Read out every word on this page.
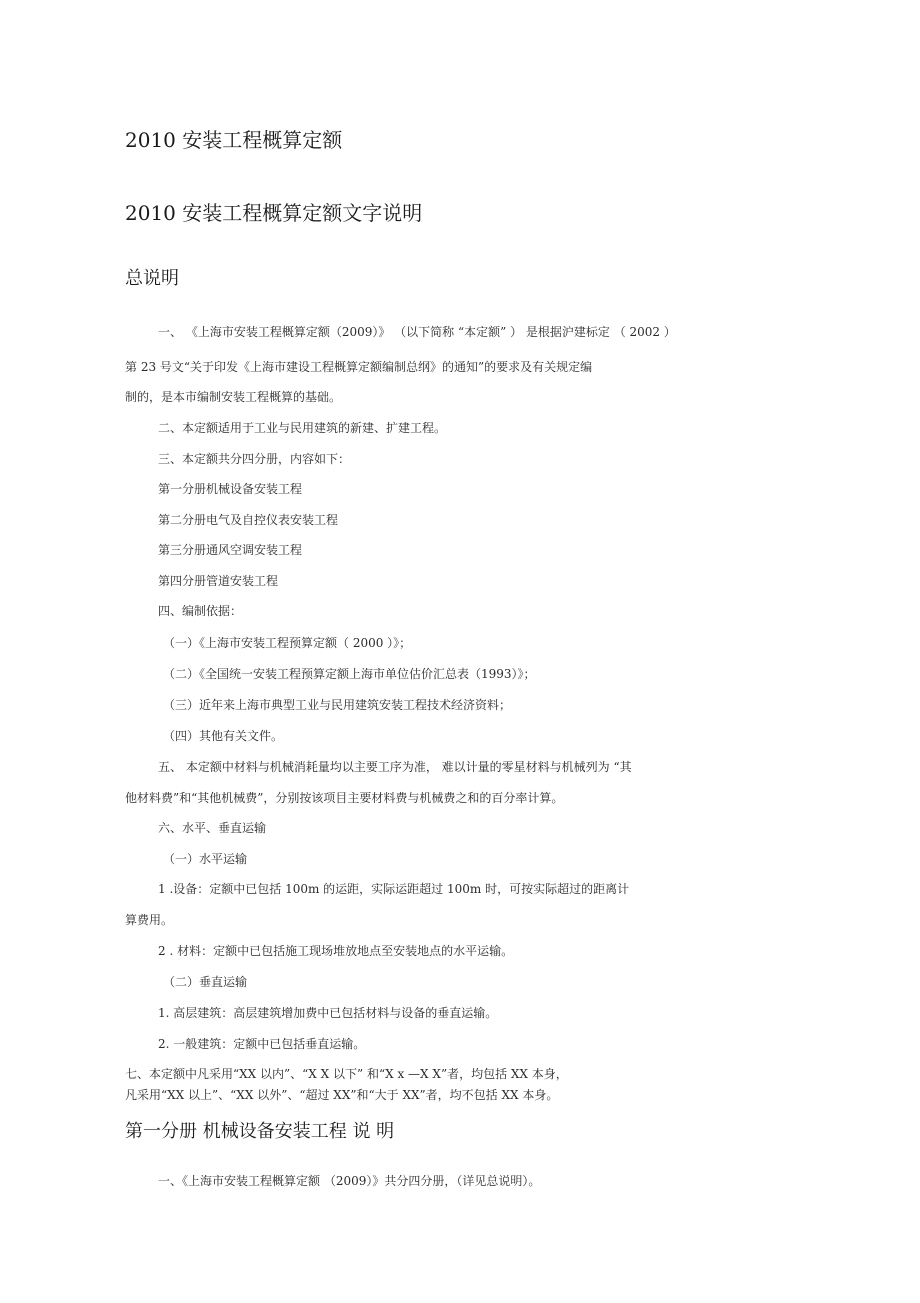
2010 安装工程概算定额
2010 安装工程概算定额文字说明
总说明
一、 《上海市安装工程概算定额（2009）》 （以下简称 “本定额” ） 是根据沪建标定 （ 2002 ）
第 23 号文“关于印发《上海市建设工程概算定额编制总纲》的通知”的要求及有关规定编
制的，是本市编制安装工程概算的基础。
二、本定额适用于工业与民用建筑的新建、扩建工程。
三、本定额共分四分册，内容如下：
第一分册机械设备安装工程
第二分册电气及自控仪表安装工程
第三分册通风空调安装工程
第四分册管道安装工程
四、编制依据：
（一）《上海市安装工程预算定额（ 2000 ）》；
（二）《全国统一安装工程预算定额上海市单位估价汇总表（1993）》；
（三）近年来上海市典型工业与民用建筑安装工程技术经济资料；
（四）其他有关文件。
五、 本定额中材料与机械消耗量均以主要工序为准， 难以计量的零星材料与机械列为 “其
他材料费”和“其他机械费”，分别按该项目主要材料费与机械费之和的百分率计算。
六、水平、垂直运输
（一）水平运输
1 .设备：定额中已包括 100m 的运距，实际运距超过 100m 时，可按实际超过的距离计
算费用。
2 . 材料：定额中已包括施工现场堆放地点至安装地点的水平运输。
（二）垂直运输
1. 高层建筑：高层建筑增加费中已包括材料与设备的垂直运输。
2. 一般建筑：定额中已包括垂直运输。
七、本定额中凡采用“XX 以内”、“X X 以下” 和“X x —X X”者，均包括 XX 本身，
凡采用“XX 以上”、“XX 以外”、“超过 XX”和“大于 XX”者，均不包括 XX 本身。
第一分册 机械设备安装工程 说 明
一、《上海市安装工程概算定额 （2009）》共分四分册，（详见总说明）。
